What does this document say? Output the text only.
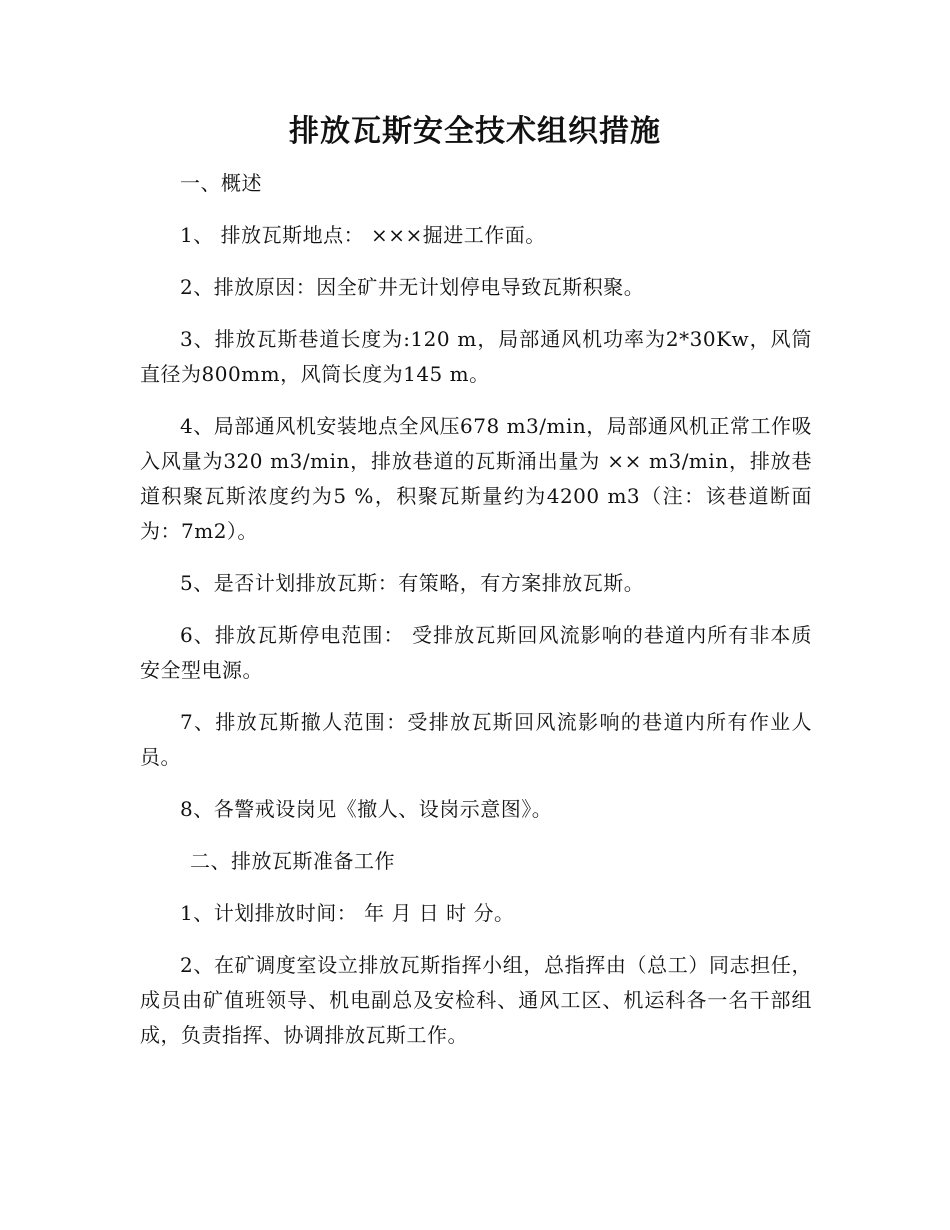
排放瓦斯安全技术组织措施

一、概述

1、 排放瓦斯地点： ×××掘进工作面。

2、排放原因：因全矿井无计划停电导致瓦斯积聚。

3、排放瓦斯巷道长度为:120 m，局部通风机功率为2*30Kw，风筒直径为800mm，风筒长度为145 m。

4、局部通风机安装地点全风压678 m3/min，局部通风机正常工作吸入风量为320 m3/min，排放巷道的瓦斯涌出量为 ×× m3/min，排放巷道积聚瓦斯浓度约为5 %，积聚瓦斯量约为4200 m3（注：该巷道断面为：7m2）。

5、是否计划排放瓦斯：有策略，有方案排放瓦斯。

6、排放瓦斯停电范围： 受排放瓦斯回风流影响的巷道内所有非本质安全型电源。

7、排放瓦斯撤人范围：受排放瓦斯回风流影响的巷道内所有作业人员。

8、各警戒设岗见《撤人、设岗示意图》。

二、排放瓦斯准备工作

1、计划排放时间： 年 月 日 时 分。

2、在矿调度室设立排放瓦斯指挥小组，总指挥由（总工）同志担任，成员由矿值班领导、机电副总及安检科、通风工区、机运科各一名干部组成，负责指挥、协调排放瓦斯工作。
